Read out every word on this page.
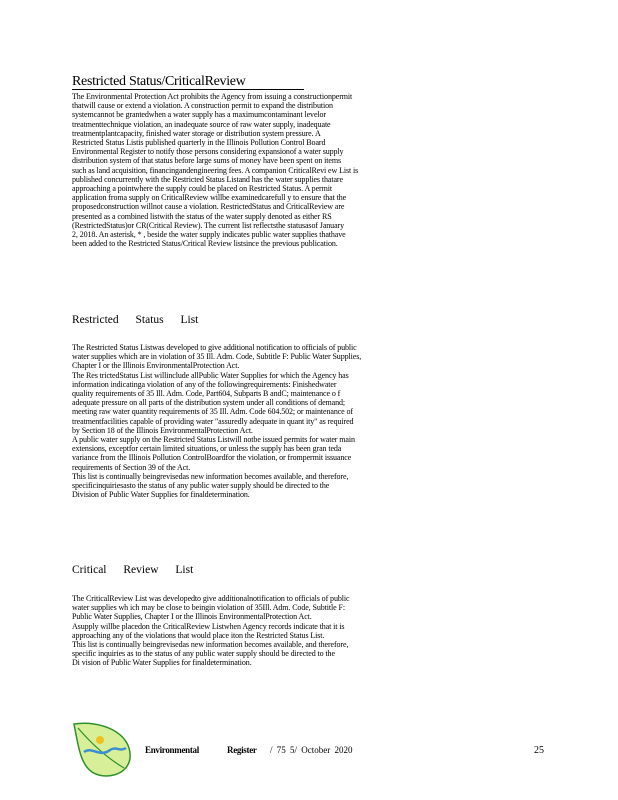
Restricted Status/CriticalReview

The Environmental Protection Act prohibits the Agency from issuing a constructionpermit

thatwill cause or extend a violation. A construction permit to expand the distribution

systemcannot be grantedwhen a water supply has a maximumcontaminant levelor

treatmenttechnique violation, an inadequate source of raw water supply, inadequate

treatmentplantcapacity, finished water storage or distribution system pressure. A

Restricted Status Listis published quarterly in the Illinois Pollution Control Board

Environmental Register to notify those persons considering expansionof a water supply

distribution system of that status before large sums of money have been spent on items

such as land acquisition, financingandengineering fees. A companion CriticalRevi ew List is

published concurrently with the Restricted Status Listand has the water supplies thatare

approaching a pointwhere the supply could be placed on Restricted Status. A permit

application froma supply on CriticalReview willbe examinedcarefull y to ensure that the

proposedconstruction willnot cause a violation. RestrictedStatus and CriticalReview are

presented as a combined listwith the status of the water supply denoted as either RS

(RestrictedStatus)or CR(Critical Review). The current list reflectsthe statusasof January

2, 2018. An asterisk, * , beside the water supply indicates public water supplies thathave

been added to the Restricted Status/Critical Review listsince the previous publication.

Restricted Status List

The Restricted Status Listwas developed to give additional notification to officials of public

water supplies which are in violation of 35 Ill. Adm. Code, Subtitle F: Public Water Supplies,

Chapter I or the Illinois EnvironmentalProtection Act.

The Res trictedStatus List willinclude allPublic Water Supplies for which the Agency has

information indicatinga violation of any of the followingrequirements: Finishedwater

quality requirements of 35 Ill. Adm. Code, Part604, Subparts B andC; maintenance o f

adequate pressure on all parts of the distribution system under all conditions of demand;

meeting raw water quantity requirements of 35 Ill. Adm. Code 604.502; or maintenance of

treatmentfacilities capable of providing water "assuredly adequate in quant ity" as required

by Section 18 of the Illinois EnvironmentalProtection Act.

A public water supply on the Restricted Status Listwill notbe issued permits for water main

extensions, exceptfor certain limited situations, or unless the supply has been gran teda

variance from the Illinois Pollution ControlBoardfor the violation, or frompermit issuance

requirements of Section 39 of the Act.

This list is continually beingrevisedas new information becomes available, and therefore,

specificinquiriesasto the status of any public water supply should be directed to the

Division of Public Water Supplies for finaldetermination.

Critical Review List

The CriticalReview List was developedto give additionalnotification to officials of public

water supplies wh ich may be close to beingin violation of 35Ill. Adm. Code, Subtitle F:

Public Water Supplies, Chapter I or the Illinois EnvironmentalProtection Act.

Asupply willbe placedon the CriticalReview Listwhen Agency records indicate that it is

approaching any of the violations that would place iton the Restricted Status List.

This list is continually beingrevisedas new information becomes available, and therefore,

specific inquiries as to the status of any public water supply should be directed to the

Di vision of Public Water Supplies for finaldetermination.

Environmental	Register / 75 5/ October 2020	25
